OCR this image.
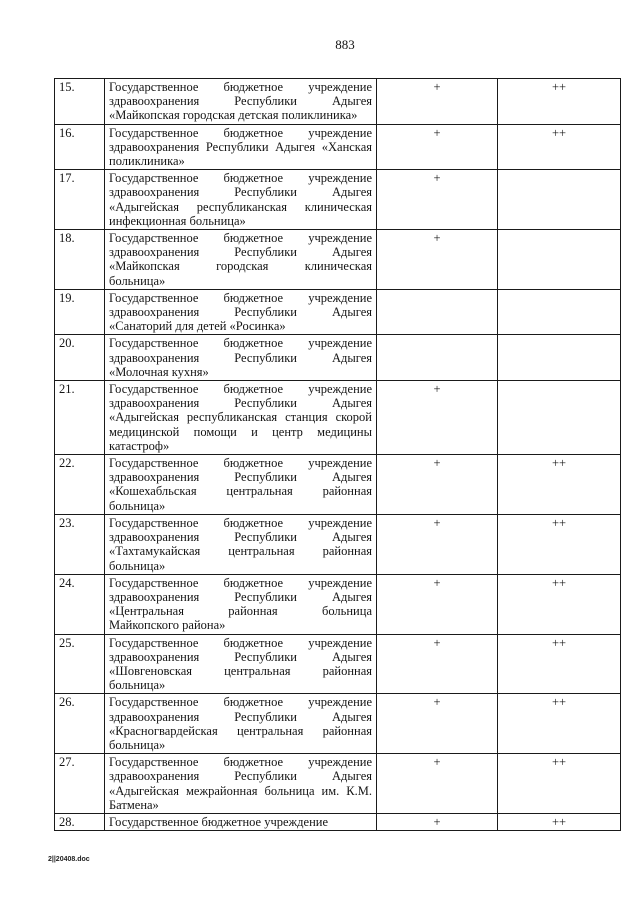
883
15.	Государственное бюджетное учреждение
здравоохранения Республики Адыгея
«Майкопская городская детская поликлиника»	+	++
16.	Государственное бюджетное учреждение
здравоохранения Республики Адыгея «Ханская
поликлиника»	+	++
17.	Государственное бюджетное учреждение
здравоохранения Республики Адыгея
«Адыгейская республиканская клиническая
инфекционная больница»	+	
18.	Государственное бюджетное учреждение
здравоохранения Республики Адыгея
«Майкопская городская клиническая
больница»	+	
19.	Государственное бюджетное учреждение
здравоохранения Республики Адыгея
«Санаторий для детей «Росинка»		

20.	Государственное бюджетное учреждение
здравоохранения Республики Адыгея
«Молочная кухня»		

21.	Государственное бюджетное учреждение
здравоохранения Республики Адыгея
«Адыгейская республиканская станция скорой
медицинской помощи и центр медицины
катастроф»	+	
22.	Государственное бюджетное учреждение
здравоохранения Республики Адыгея
«Кошехабльская центральная районная
больница»	+	++
23.	Государственное бюджетное учреждение
здравоохранения Республики Адыгея
«Тахтамукайская центральная районная
больница»	+	++
24.	Государственное бюджетное учреждение
здравоохранения Республики Адыгея
«Центральная районная больница
Майкопского района»	+	++
25.	Государственное бюджетное учреждение
здравоохранения Республики Адыгея
«Шовгеновская центральная районная
больница»	+	++
26.	Государственное бюджетное учреждение
здравоохранения Республики Адыгея
«Красногвардейская центральная районная
больница»	+	++
27.	Государственное бюджетное учреждение
здравоохранения Республики Адыгея
«Адыгейская межрайонная больница им. К.М.
Батмена»	+	++
28.	Государственное бюджетное учреждение	+	++
2||20408.doc
